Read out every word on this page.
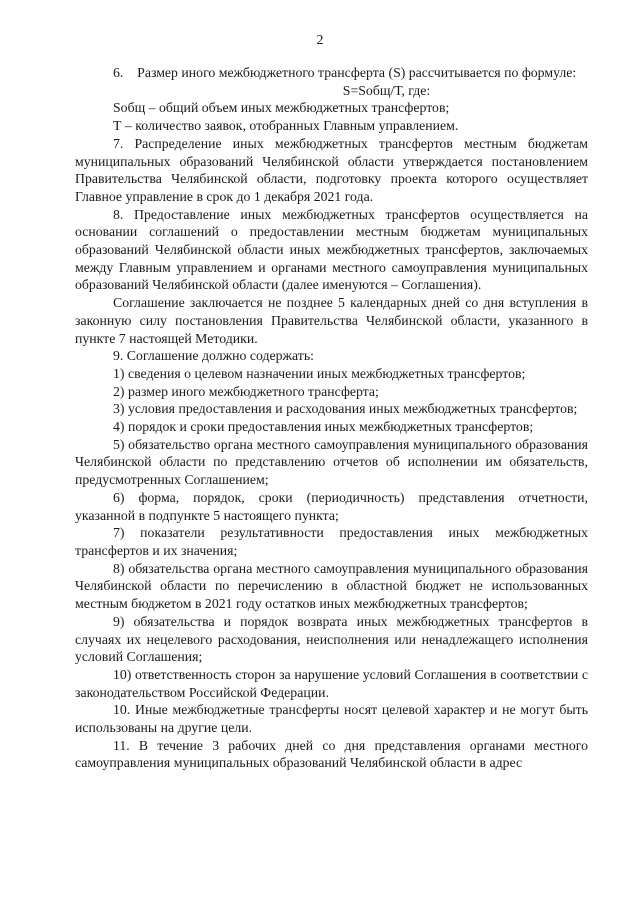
2

6.    Размер иного межбюджетного трансферта (S) рассчитывается по формуле:

S=Sобщ/Т, где:

Sобщ – общий объем иных межбюджетных трансфертов;

Т – количество заявок, отобранных Главным управлением.

7. Распределение иных межбюджетных трансфертов местным бюджетам муниципальных образований Челябинской области утверждается постановлением Правительства Челябинской области, подготовку проекта которого осуществляет Главное управление в срок до 1 декабря 2021 года.

8. Предоставление иных межбюджетных трансфертов осуществляется на основании соглашений о предоставлении местным бюджетам муниципальных образований Челябинской области иных межбюджетных трансфертов, заключаемых между Главным управлением и органами местного самоуправления муниципальных образований Челябинской области (далее именуются – Соглашения).

Соглашение заключается не позднее 5 календарных дней со дня вступления в законную силу постановления Правительства Челябинской области, указанного в пункте 7 настоящей Методики.

9. Соглашение должно содержать:

1) сведения о целевом назначении иных межбюджетных трансфертов;

2) размер иного межбюджетного трансферта;

3) условия предоставления и расходования иных межбюджетных трансфертов;

4) порядок и сроки предоставления иных межбюджетных трансфертов;

5) обязательство органа местного самоуправления муниципального образования Челябинской области по представлению отчетов об исполнении им обязательств, предусмотренных Соглашением;

6) форма, порядок, сроки (периодичность) представления отчетности, указанной в подпункте 5 настоящего пункта;

7) показатели результативности предоставления иных межбюджетных трансфертов и их значения;

8) обязательства органа местного самоуправления муниципального образования Челябинской области по перечислению в областной бюджет не использованных местным бюджетом в 2021 году остатков иных межбюджетных трансфертов;

9) обязательства и порядок возврата иных межбюджетных трансфертов в случаях их нецелевого расходования, неисполнения или ненадлежащего исполнения условий Соглашения;

10) ответственность сторон за нарушение условий Соглашения в соответствии с законодательством Российской Федерации.

10. Иные межбюджетные трансферты носят целевой характер и не могут быть использованы на другие цели.

11. В течение 3 рабочих дней со дня представления органами местного самоуправления муниципальных образований Челябинской области в адрес
